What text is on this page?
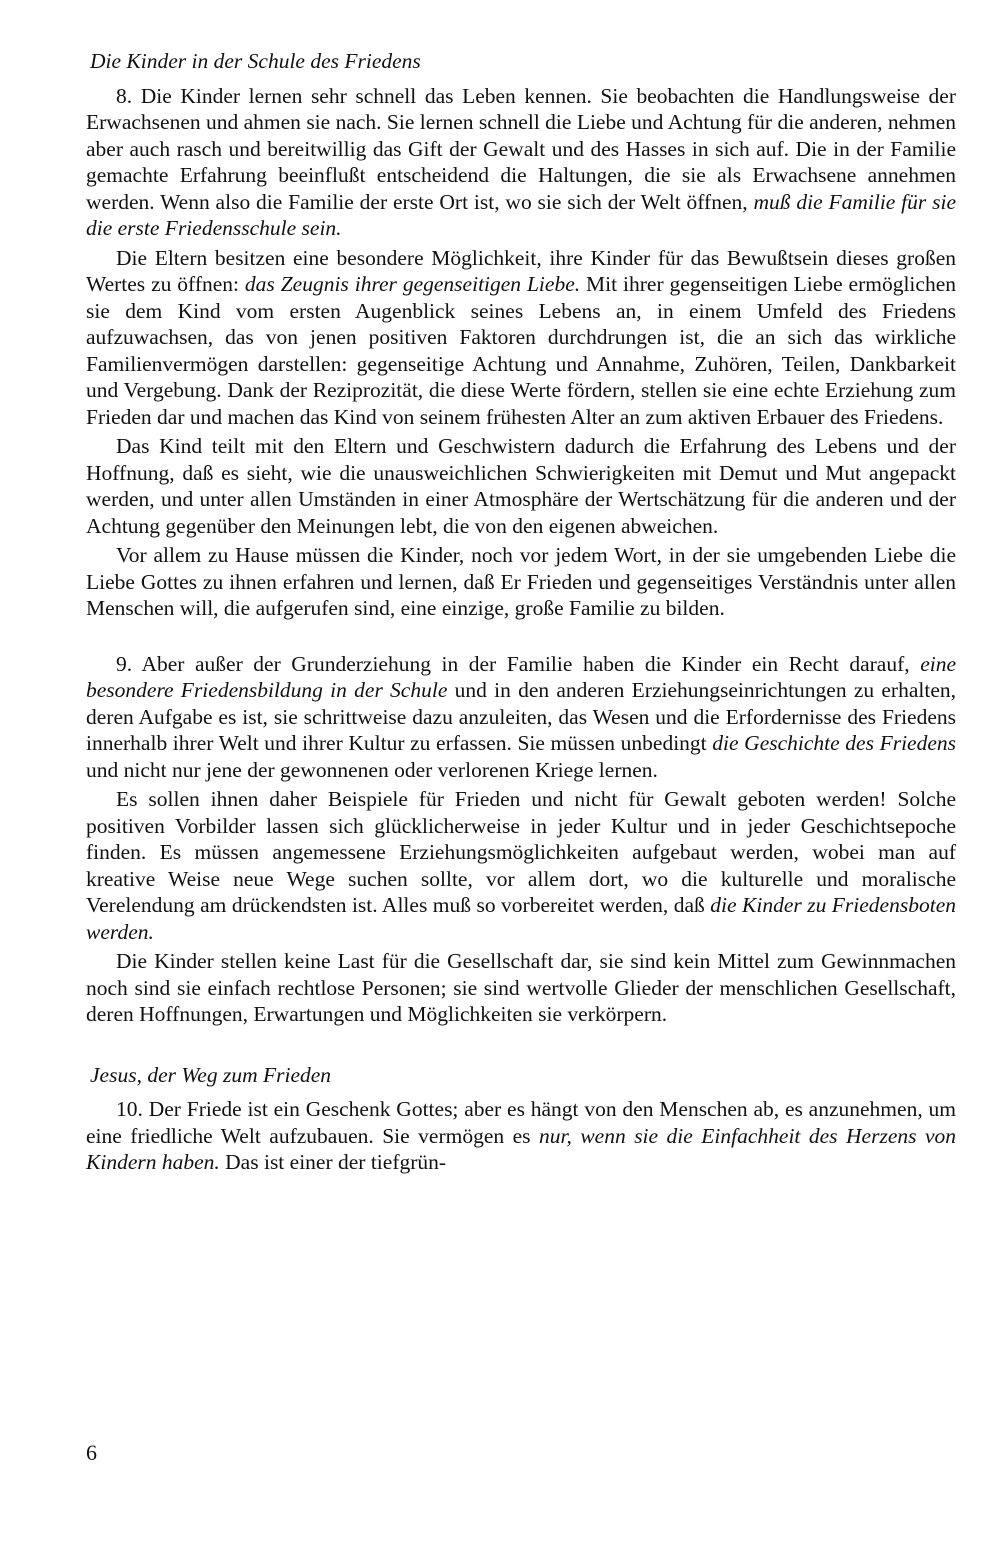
Die Kinder in der Schule des Friedens

8. Die Kinder lernen sehr schnell das Leben kennen. Sie beobachten die Handlungsweise der Erwachsenen und ahmen sie nach. Sie lernen schnell die Liebe und Achtung für die anderen, nehmen aber auch rasch und bereitwillig das Gift der Gewalt und des Hasses in sich auf. Die in der Familie gemachte Erfahrung beeinflußt entscheidend die Haltungen, die sie als Erwachsene annehmen werden. Wenn also die Familie der erste Ort ist, wo sie sich der Welt öffnen, muß die Familie für sie die erste Friedensschule sein.

Die Eltern besitzen eine besondere Möglichkeit, ihre Kinder für das Bewußtsein dieses großen Wertes zu öffnen: das Zeugnis ihrer gegenseitigen Liebe. Mit ihrer gegenseitigen Liebe ermöglichen sie dem Kind vom ersten Augenblick seines Lebens an, in einem Umfeld des Friedens aufzuwachsen, das von jenen positiven Faktoren durchdrungen ist, die an sich das wirkliche Familienvermögen darstellen: gegenseitige Achtung und Annahme, Zuhören, Teilen, Dankbarkeit und Vergebung. Dank der Reziprozität, die diese Werte fördern, stellen sie eine echte Erziehung zum Frieden dar und machen das Kind von seinem frühesten Alter an zum aktiven Erbauer des Friedens.

Das Kind teilt mit den Eltern und Geschwistern dadurch die Erfahrung des Lebens und der Hoffnung, daß es sieht, wie die unausweichlichen Schwierigkeiten mit Demut und Mut angepackt werden, und unter allen Umständen in einer Atmosphäre der Wertschätzung für die anderen und der Achtung gegenüber den Meinungen lebt, die von den eigenen abweichen.

Vor allem zu Hause müssen die Kinder, noch vor jedem Wort, in der sie umgebenden Liebe die Liebe Gottes zu ihnen erfahren und lernen, daß Er Frieden und gegenseitiges Verständnis unter allen Menschen will, die aufgerufen sind, eine einzige, große Familie zu bilden.

9. Aber außer der Grunderziehung in der Familie haben die Kinder ein Recht darauf, eine besondere Friedensbildung in der Schule und in den anderen Erziehungseinrichtungen zu erhalten, deren Aufgabe es ist, sie schrittweise dazu anzuleiten, das Wesen und die Erfordernisse des Friedens innerhalb ihrer Welt und ihrer Kultur zu erfassen. Sie müssen unbedingt die Geschichte des Friedens und nicht nur jene der gewonnenen oder verlorenen Kriege lernen.

Es sollen ihnen daher Beispiele für Frieden und nicht für Gewalt geboten werden! Solche positiven Vorbilder lassen sich glücklicherweise in jeder Kultur und in jeder Geschichtsepoche finden. Es müssen angemessene Erziehungsmöglichkeiten aufgebaut werden, wobei man auf kreative Weise neue Wege suchen sollte, vor allem dort, wo die kulturelle und moralische Verelendung am drückendsten ist. Alles muß so vorbereitet werden, daß die Kinder zu Friedensboten werden.

Die Kinder stellen keine Last für die Gesellschaft dar, sie sind kein Mittel zum Gewinnmachen noch sind sie einfach rechtlose Personen; sie sind wertvolle Glieder der menschlichen Gesellschaft, deren Hoffnungen, Erwartungen und Möglichkeiten sie verkörpern.

Jesus, der Weg zum Frieden

10. Der Friede ist ein Geschenk Gottes; aber es hängt von den Menschen ab, es anzunehmen, um eine friedliche Welt aufzubauen. Sie vermögen es nur, wenn sie die Einfachheit des Herzens von Kindern haben. Das ist einer der tiefgrün-

6
